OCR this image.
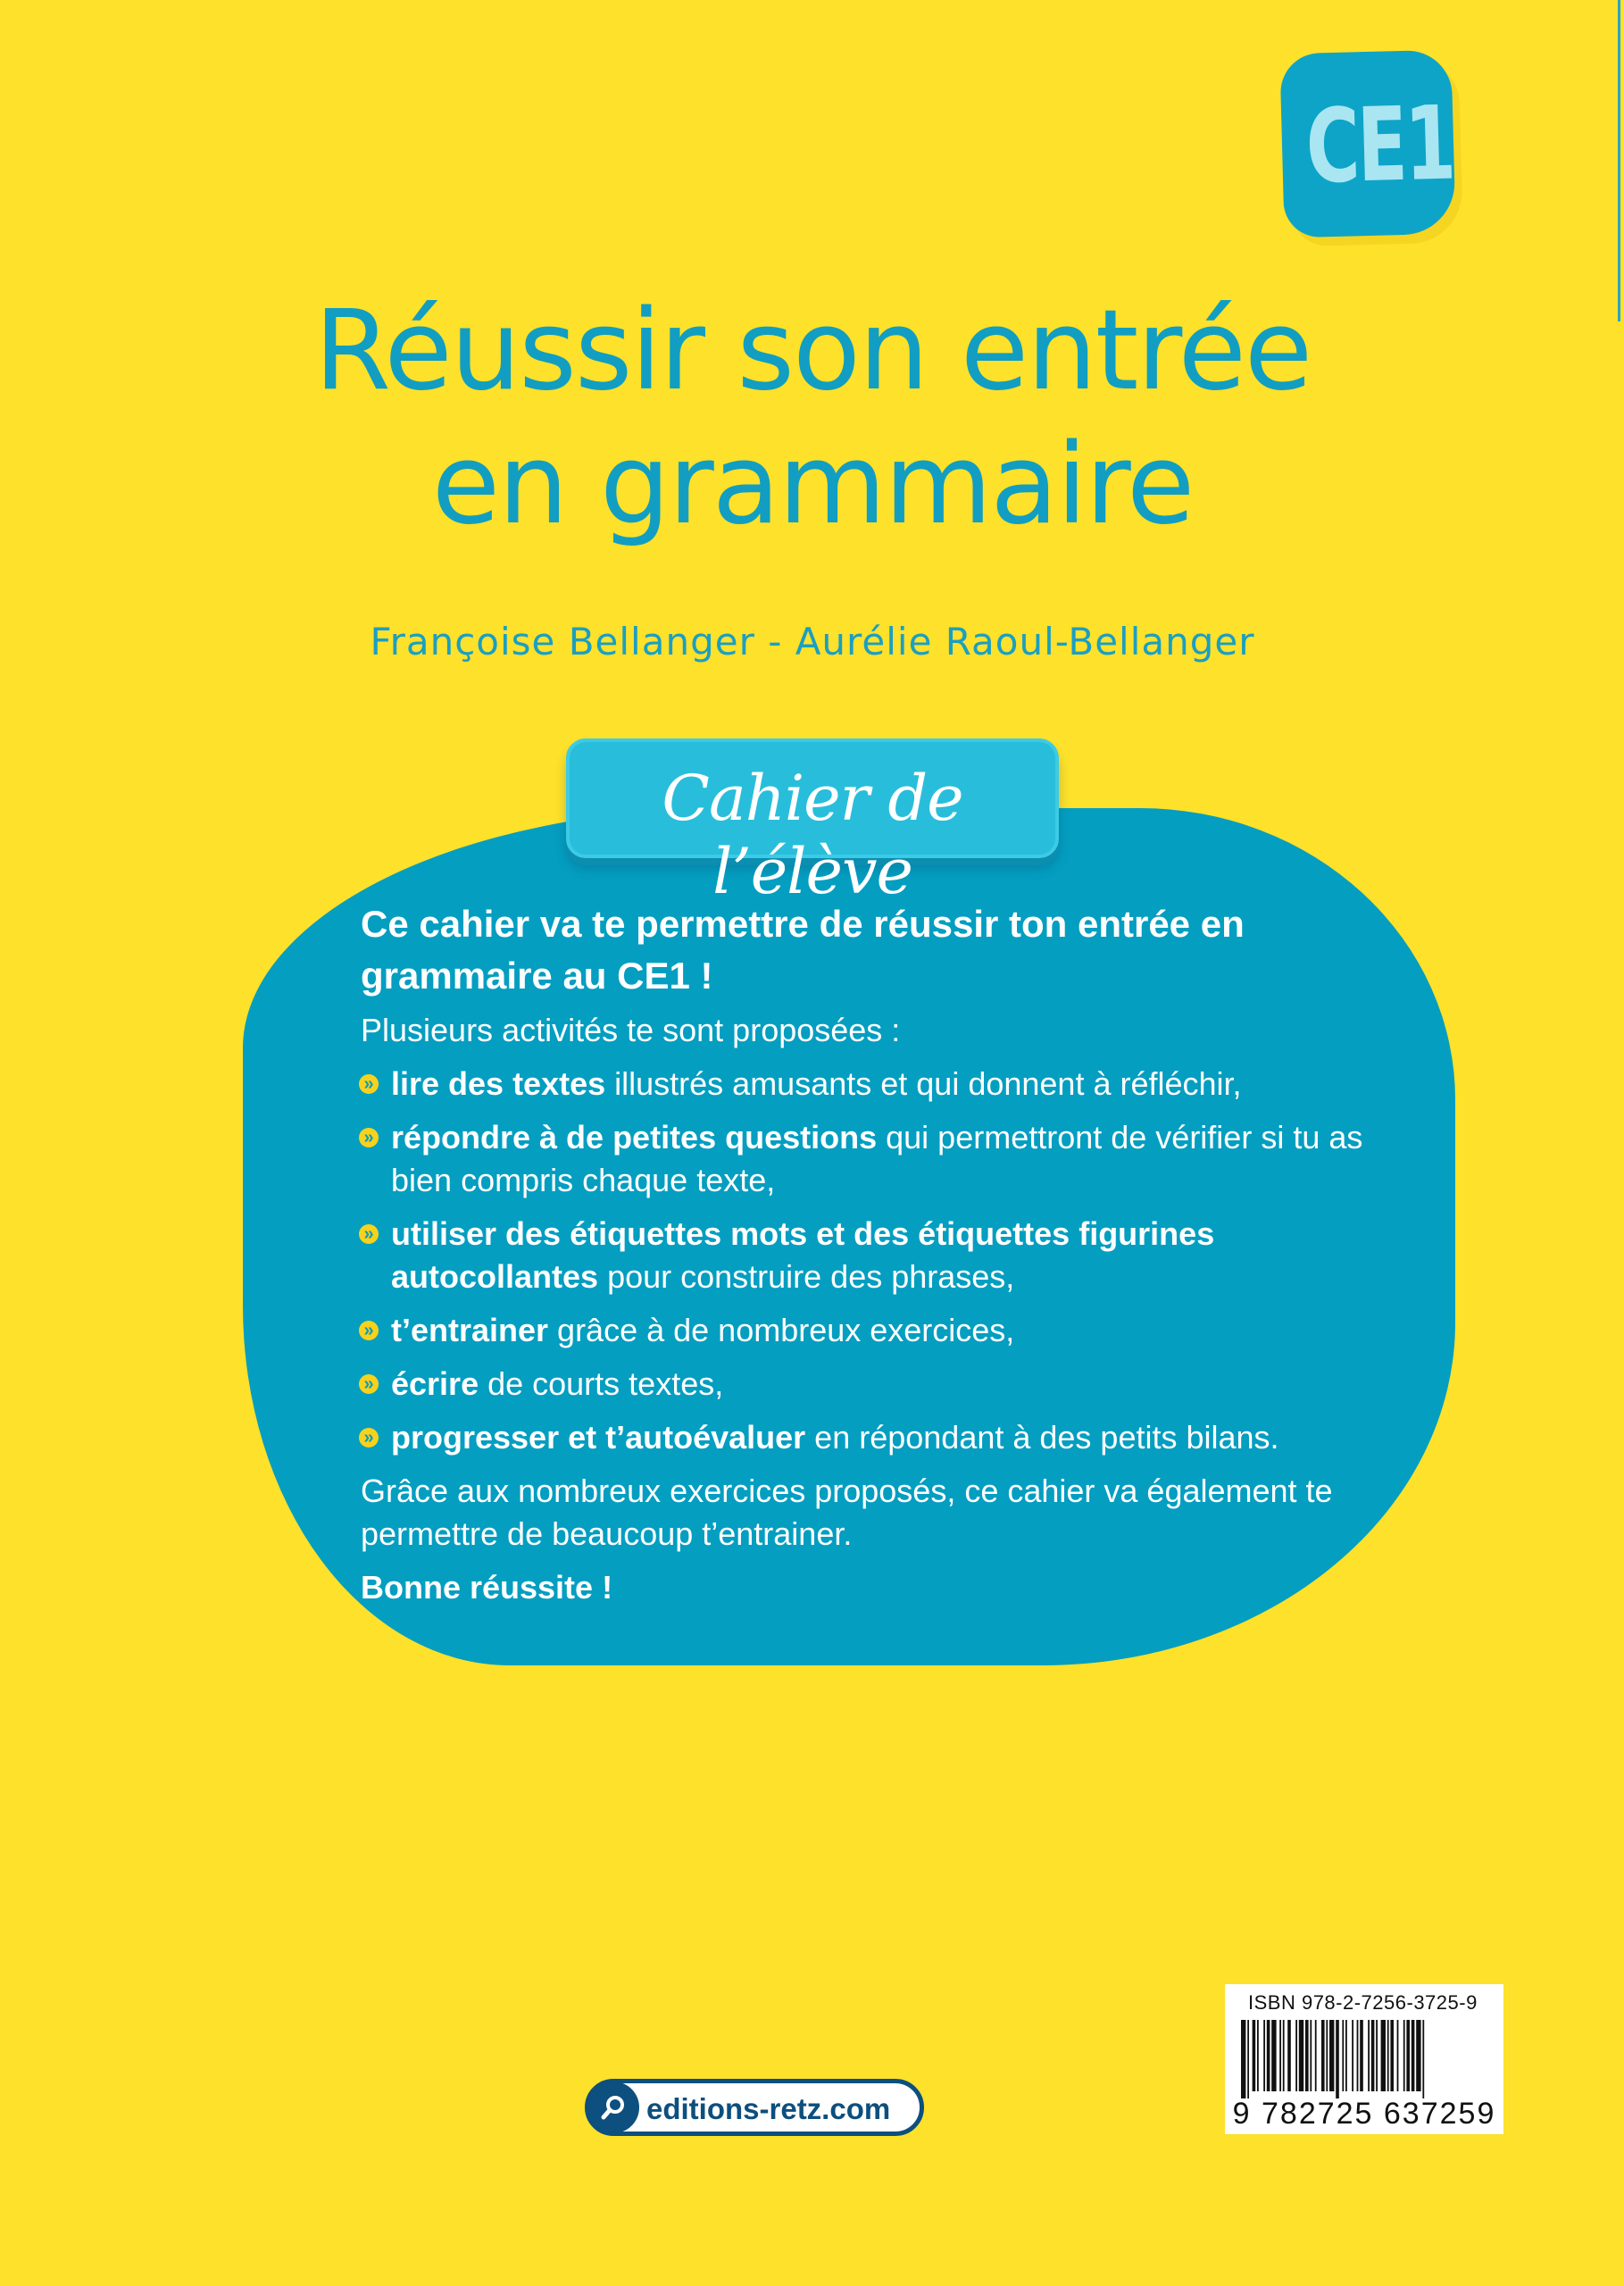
CE1
Réussir son entrée
en grammaire
Françoise Bellanger - Aurélie Raoul-Bellanger
Cahier de l’élève

Ce cahier va te permettre de réussir ton entrée en grammaire au CE1 !

Plusieurs activités te sont proposées :

» lire des textes illustrés amusants et qui donnent à réfléchir,
» répondre à de petites questions qui permettront de vérifier si tu as bien compris chaque texte,
» utiliser des étiquettes mots et des étiquettes figurines autocollantes pour construire des phrases,
» t’entrainer grâce à de nombreux exercices,
» écrire de courts textes,
» progresser et t’autoévaluer en répondant à des petits bilans.

Grâce aux nombreux exercices proposés, ce cahier va également te permettre de beaucoup t’entrainer.

Bonne réussite !

editions-retz.com
ISBN 978-2-7256-3725-9
9 782725 637259
